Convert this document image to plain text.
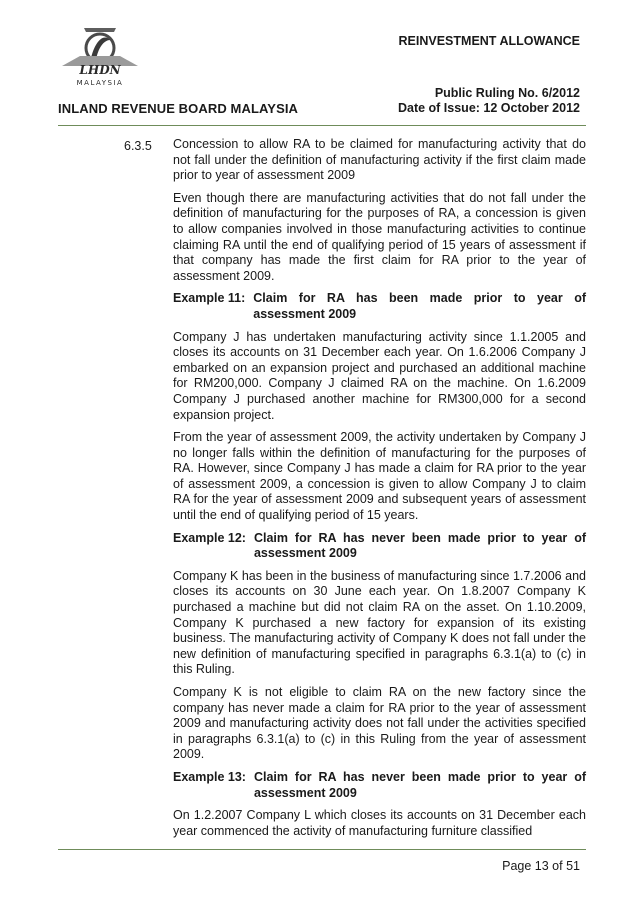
LHDN
MALAYSIA
REINVESTMENT ALLOWANCE
INLAND REVENUE BOARD MALAYSIA
Public Ruling No. 6/2012
Date of Issue: 12 October 2012
6.3.5 Concession to allow RA to be claimed for manufacturing activity that do not fall under the definition of manufacturing activity if the first claim made prior to year of assessment 2009

Even though there are manufacturing activities that do not fall under the definition of manufacturing for the purposes of RA, a concession is given to allow companies involved in those manufacturing activities to continue claiming RA until the end of qualifying period of 15 years of assessment if that company has made the first claim for RA prior to the year of assessment 2009.

Example 11: Claim for RA has been made prior to year of assessment 2009

Company J has undertaken manufacturing activity since 1.1.2005 and closes its accounts on 31 December each year. On 1.6.2006 Company J embarked on an expansion project and purchased an additional machine for RM200,000. Company J claimed RA on the machine. On 1.6.2009 Company J purchased another machine for RM300,000 for a second expansion project.

From the year of assessment 2009, the activity undertaken by Company J no longer falls within the definition of manufacturing for the purposes of RA. However, since Company J has made a claim for RA prior to the year of assessment 2009, a concession is given to allow Company J to claim RA for the year of assessment 2009 and subsequent years of assessment until the end of qualifying period of 15 years.

Example 12: Claim for RA has never been made prior to year of assessment 2009

Company K has been in the business of manufacturing since 1.7.2006 and closes its accounts on 30 June each year. On 1.8.2007 Company K purchased a machine but did not claim RA on the asset. On 1.10.2009, Company K purchased a new factory for expansion of its existing business. The manufacturing activity of Company K does not fall under the new definition of manufacturing specified in paragraphs 6.3.1(a) to (c) in this Ruling.

Company K is not eligible to claim RA on the new factory since the company has never made a claim for RA prior to the year of assessment 2009 and manufacturing activity does not fall under the activities specified in paragraphs 6.3.1(a) to (c) in this Ruling from the year of assessment 2009.

Example 13: Claim for RA has never been made prior to year of assessment 2009

On 1.2.2007 Company L which closes its accounts on 31 December each year commenced the activity of manufacturing furniture classified

Page 13 of 51
